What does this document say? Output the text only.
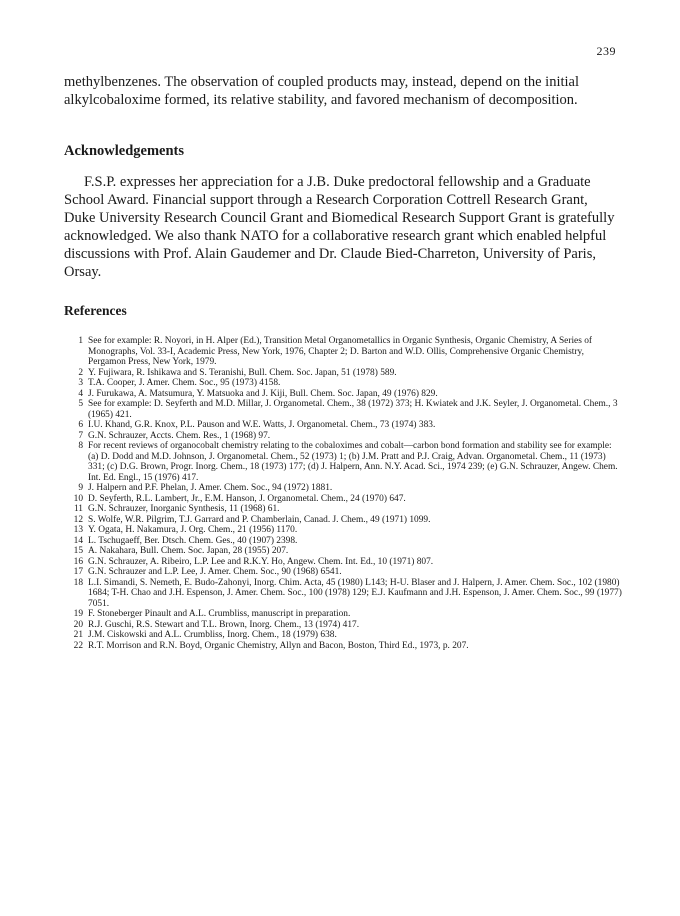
239

methylbenzenes. The observation of coupled products may, instead, depend on the initial alkylcobaloxime formed, its relative stability, and favored mechanism of decomposition.

Acknowledgements

F.S.P. expresses her appreciation for a J.B. Duke predoctoral fellowship and a Graduate School Award. Financial support through a Research Corporation Cottrell Research Grant, Duke University Research Council Grant and Biomedical Research Support Grant is gratefully acknowledged. We also thank NATO for a collaborative research grant which enabled helpful discussions with Prof. Alain Gaudemer and Dr. Claude Bied-Charreton, University of Paris, Orsay.

References
1 See for example: R. Noyori, in H. Alper (Ed.), Transition Metal Organometallics in Organic Synthesis, Organic Chemistry, A Series of Monographs, Vol. 33-I, Academic Press, New York, 1976, Chapter 2; D. Barton and W.D. Ollis, Comprehensive Organic Chemistry, Pergamon Press, New York, 1979.
2 Y. Fujiwara, R. Ishikawa and S. Teranishi, Bull. Chem. Soc. Japan, 51 (1978) 589.
3 T.A. Cooper, J. Amer. Chem. Soc., 95 (1973) 4158.
4 J. Furukawa, A. Matsumura, Y. Matsuoka and J. Kiji, Bull. Chem. Soc. Japan, 49 (1976) 829.
5 See for example: D. Seyferth and M.D. Millar, J. Organometal. Chem., 38 (1972) 373; H. Kwiatek and J.K. Seyler, J. Organometal. Chem., 3 (1965) 421.
6 I.U. Khand, G.R. Knox, P.L. Pauson and W.E. Watts, J. Organometal. Chem., 73 (1974) 383.
7 G.N. Schrauzer, Accts. Chem. Res., 1 (1968) 97.
8 For recent reviews of organocobalt chemistry relating to the cobaloximes and cobalt—carbon bond formation and stability see for example: (a) D. Dodd and M.D. Johnson, J. Organometal. Chem., 52 (1973) 1; (b) J.M. Pratt and P.J. Craig, Advan. Organometal. Chem., 11 (1973) 331; (c) D.G. Brown, Progr. Inorg. Chem., 18 (1973) 177; (d) J. Halpern, Ann. N.Y. Acad. Sci., 1974 239; (e) G.N. Schrauzer, Angew. Chem. Int. Ed. Engl., 15 (1976) 417.
9 J. Halpern and P.F. Phelan, J. Amer. Chem. Soc., 94 (1972) 1881.
10 D. Seyferth, R.L. Lambert, Jr., E.M. Hanson, J. Organometal. Chem., 24 (1970) 647.
11 G.N. Schrauzer, Inorganic Synthesis, 11 (1968) 61.
12 S. Wolfe, W.R. Pilgrim, T.J. Garrard and P. Chamberlain, Canad. J. Chem., 49 (1971) 1099.
13 Y. Ogata, H. Nakamura, J. Org. Chem., 21 (1956) 1170.
14 L. Tschugaeff, Ber. Dtsch. Chem. Ges., 40 (1907) 2398.
15 A. Nakahara, Bull. Chem. Soc. Japan, 28 (1955) 207.
16 G.N. Schrauzer, A. Ribeiro, L.P. Lee and R.K.Y. Ho, Angew. Chem. Int. Ed., 10 (1971) 807.
17 G.N. Schrauzer and L.P. Lee, J. Amer. Chem. Soc., 90 (1968) 6541.
18 L.I. Simandi, S. Nemeth, E. Budo-Zahonyi, Inorg. Chim. Acta, 45 (1980) L143; H-U. Blaser and J. Halpern, J. Amer. Chem. Soc., 102 (1980) 1684; T-H. Chao and J.H. Espenson, J. Amer. Chem. Soc., 100 (1978) 129; E.J. Kaufmann and J.H. Espenson, J. Amer. Chem. Soc., 99 (1977) 7051.
19 F. Stoneberger Pinault and A.L. Crumbliss, manuscript in preparation.
20 R.J. Guschi, R.S. Stewart and T.L. Brown, Inorg. Chem., 13 (1974) 417.
21 J.M. Ciskowski and A.L. Crumbliss, Inorg. Chem., 18 (1979) 638.
22 R.T. Morrison and R.N. Boyd, Organic Chemistry, Allyn and Bacon, Boston, Third Ed., 1973, p. 207.
